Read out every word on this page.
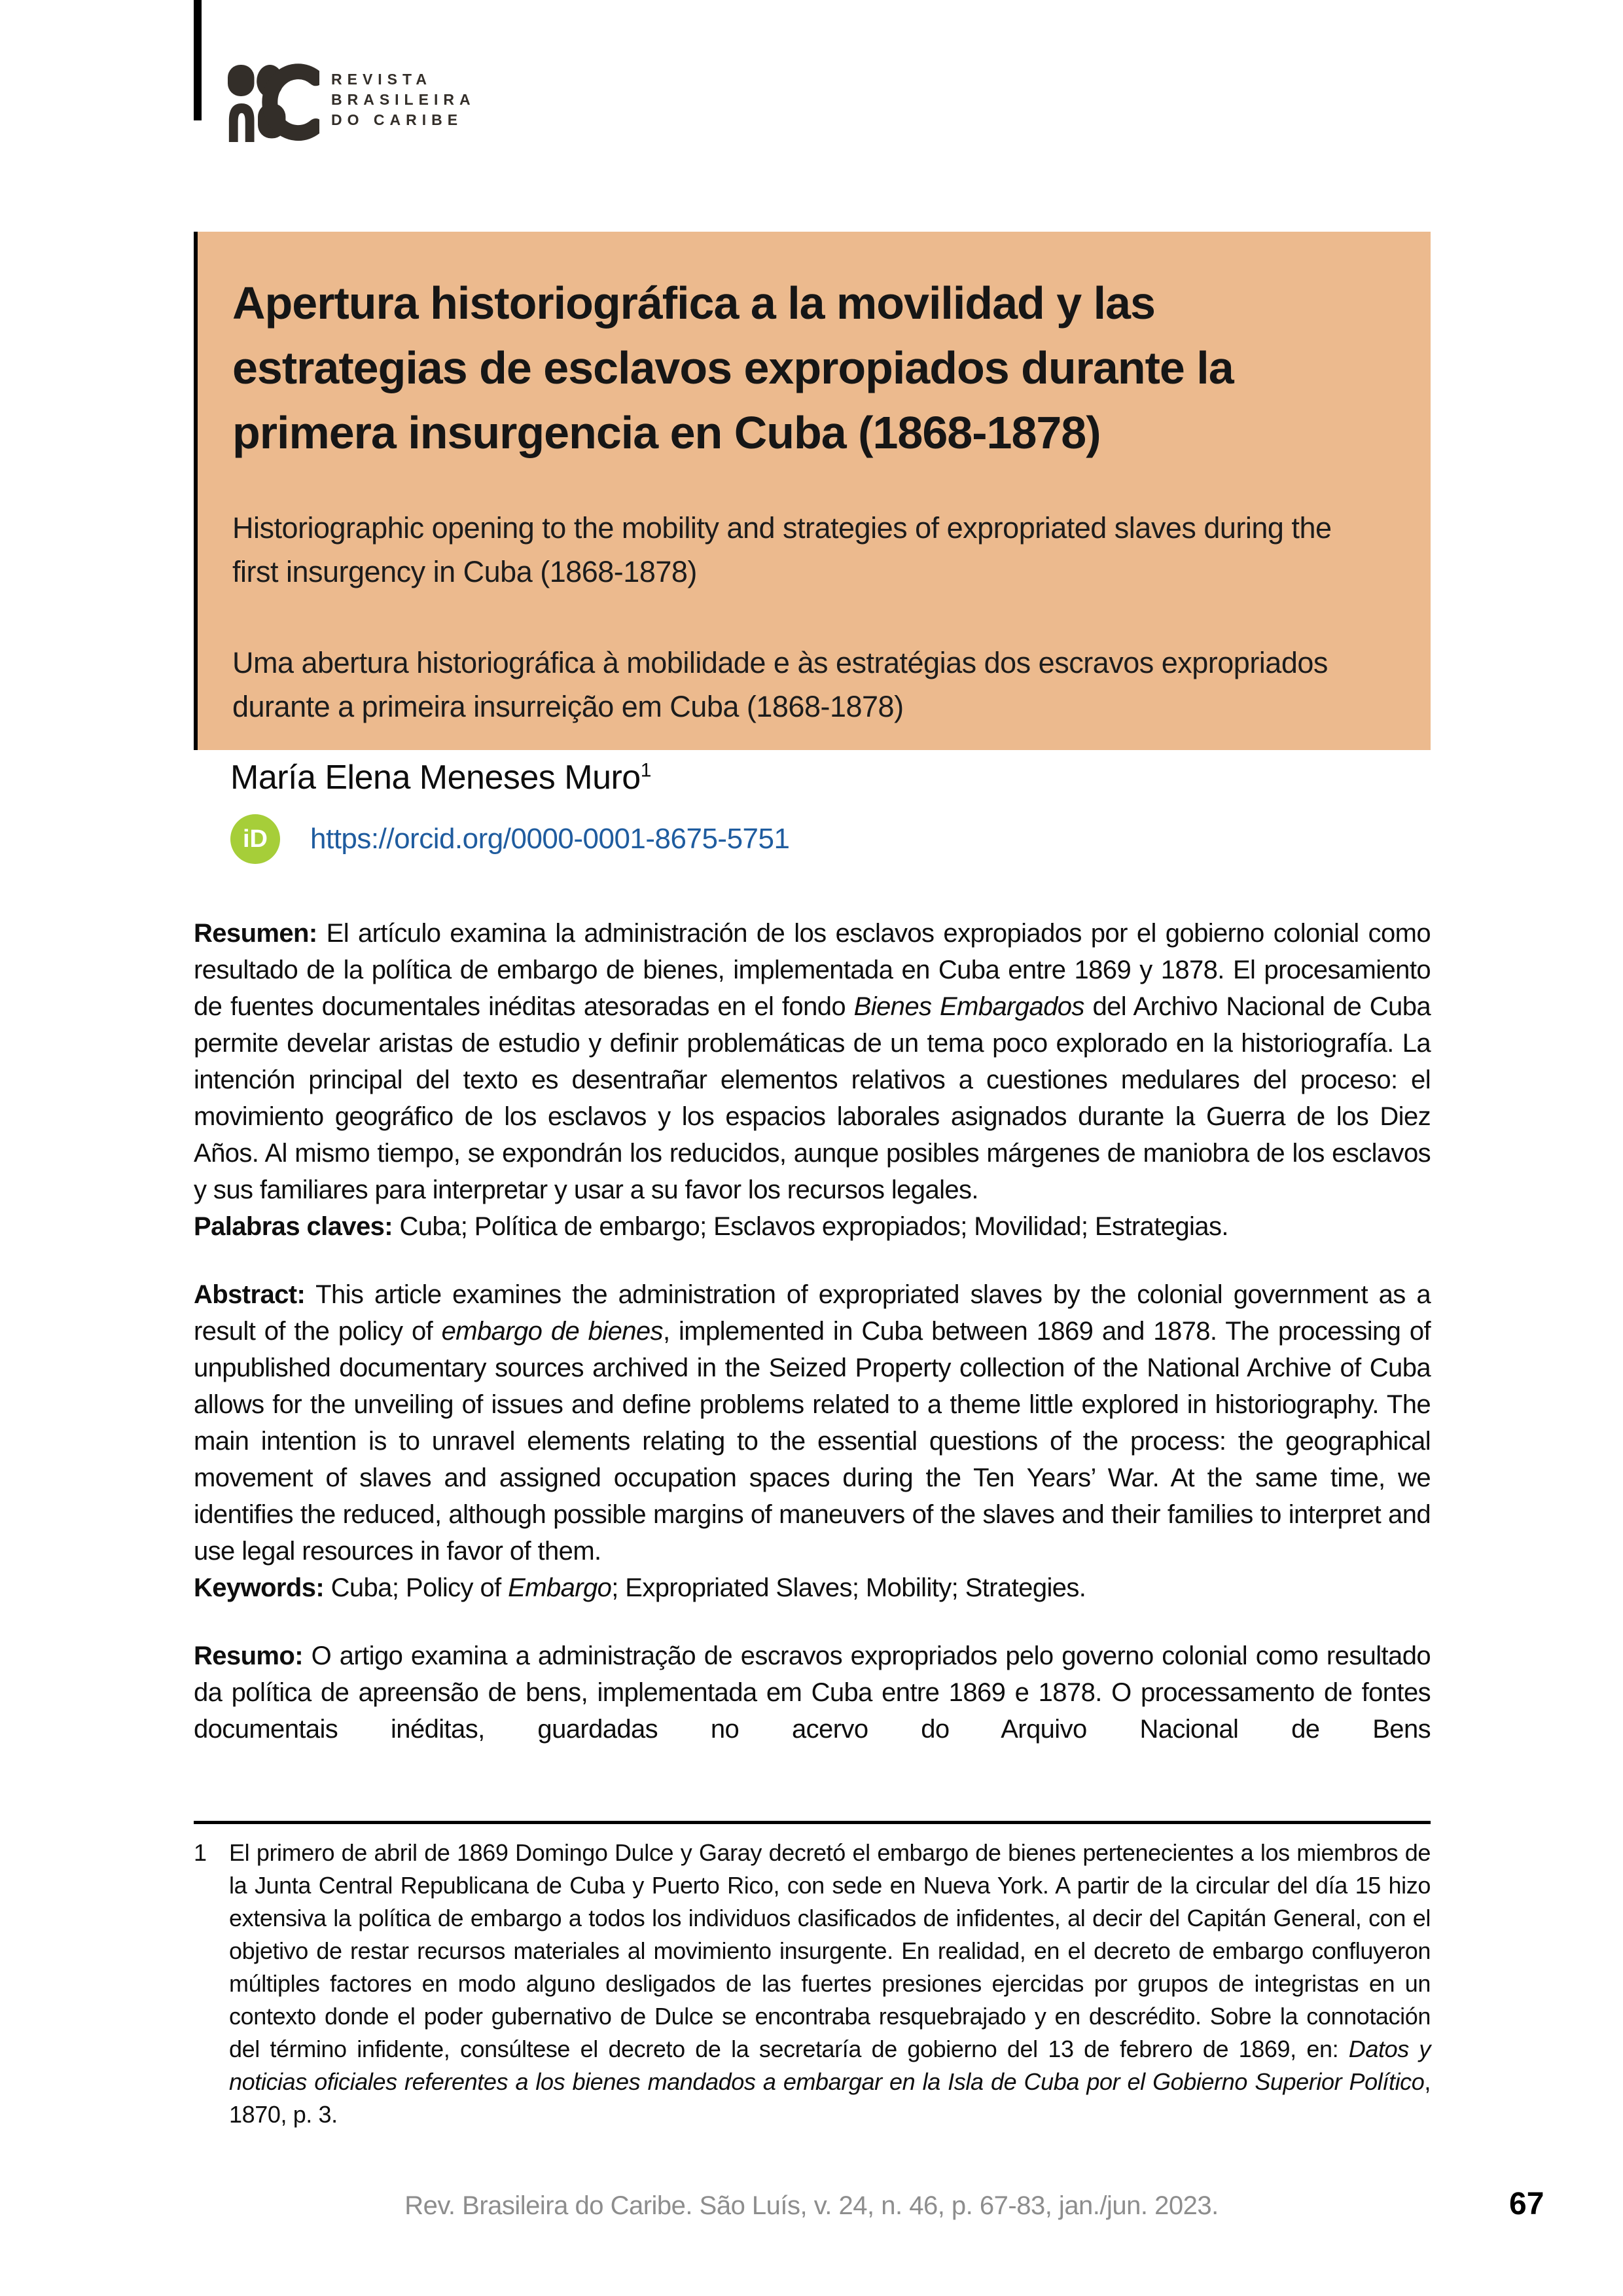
REVISTA
BRASILEIRA
DO CARIBE
Apertura historiográfica a la movilidad y las estrategias de esclavos expropiados durante la primera insurgencia en Cuba (1868-1878)
Historiographic opening to the mobility and strategies of expropriated slaves during the first insurgency in Cuba (1868-1878)
Uma abertura historiográfica à mobilidade e às estratégias dos escravos expropriados durante a primeira insurreição em Cuba (1868-1878)
María Elena Meneses Muro$^1$
iD https://orcid.org/0000-0001-8675-5751

Resumen: El artículo examina la administración de los esclavos expropiados por el gobierno colonial como resultado de la política de embargo de bienes, implementada en Cuba entre 1869 y 1878. El procesamiento de fuentes documentales inéditas atesoradas en el fondo Bienes Embargados del Archivo Nacional de Cuba permite develar aristas de estudio y definir problemáticas de un tema poco explorado en la historiografía. La intención principal del texto es desentrañar elementos relativos a cuestiones medulares del proceso: el movimiento geográfico de los esclavos y los espacios laborales asignados durante la Guerra de los Diez Años. Al mismo tiempo, se expondrán los reducidos, aunque posibles márgenes de maniobra de los esclavos y sus familiares para interpretar y usar a su favor los recursos legales.

Palabras claves: Cuba; Política de embargo; Esclavos expropiados; Movilidad; Estrategias.

Abstract: This article examines the administration of expropriated slaves by the colonial government as a result of the policy of embargo de bienes, implemented in Cuba between 1869 and 1878. The processing of unpublished documentary sources archived in the Seized Property collection of the National Archive of Cuba allows for the unveiling of issues and define problems related to a theme little explored in historiography. The main intention is to unravel elements relating to the essential questions of the process: the geographical movement of slaves and assigned occupation spaces during the Ten Years’ War. At the same time, we identifies the reduced, although possible margins of maneuvers of the slaves and their families to interpret and use legal resources in favor of them.

Keywords: Cuba; Policy of Embargo; Expropriated Slaves; Mobility; Strategies.

Resumo: O artigo examina a administração de escravos expropriados pelo governo colonial como resultado da política de apreensão de bens, implementada em Cuba entre 1869 e 1878. O processamento de fontes documentais inéditas, guardadas no acervo do Arquivo Nacional de Bens

1 El primero de abril de 1869 Domingo Dulce y Garay decretó el embargo de bienes pertenecientes a los miembros de la Junta Central Republicana de Cuba y Puerto Rico, con sede en Nueva York. A partir de la circular del día 15 hizo extensiva la política de embargo a todos los individuos clasificados de infidentes, al decir del Capitán General, con el objetivo de restar recursos materiales al movimiento insurgente. En realidad, en el decreto de embargo confluyeron múltiples factores en modo alguno desligados de las fuertes presiones ejercidas por grupos de integristas en un contexto donde el poder gubernativo de Dulce se encontraba resquebrajado y en descrédito. Sobre la connotación del término infidente, consúltese el decreto de la secretaría de gobierno del 13 de febrero de 1869, en: Datos y noticias oficiales referentes a los bienes mandados a embargar en la Isla de Cuba por el Gobierno Superior Político, 1870, p. 3.

Rev. Brasileira do Caribe. São Luís, v. 24, n. 46, p. 67-83, jan./jun. 2023.	67
